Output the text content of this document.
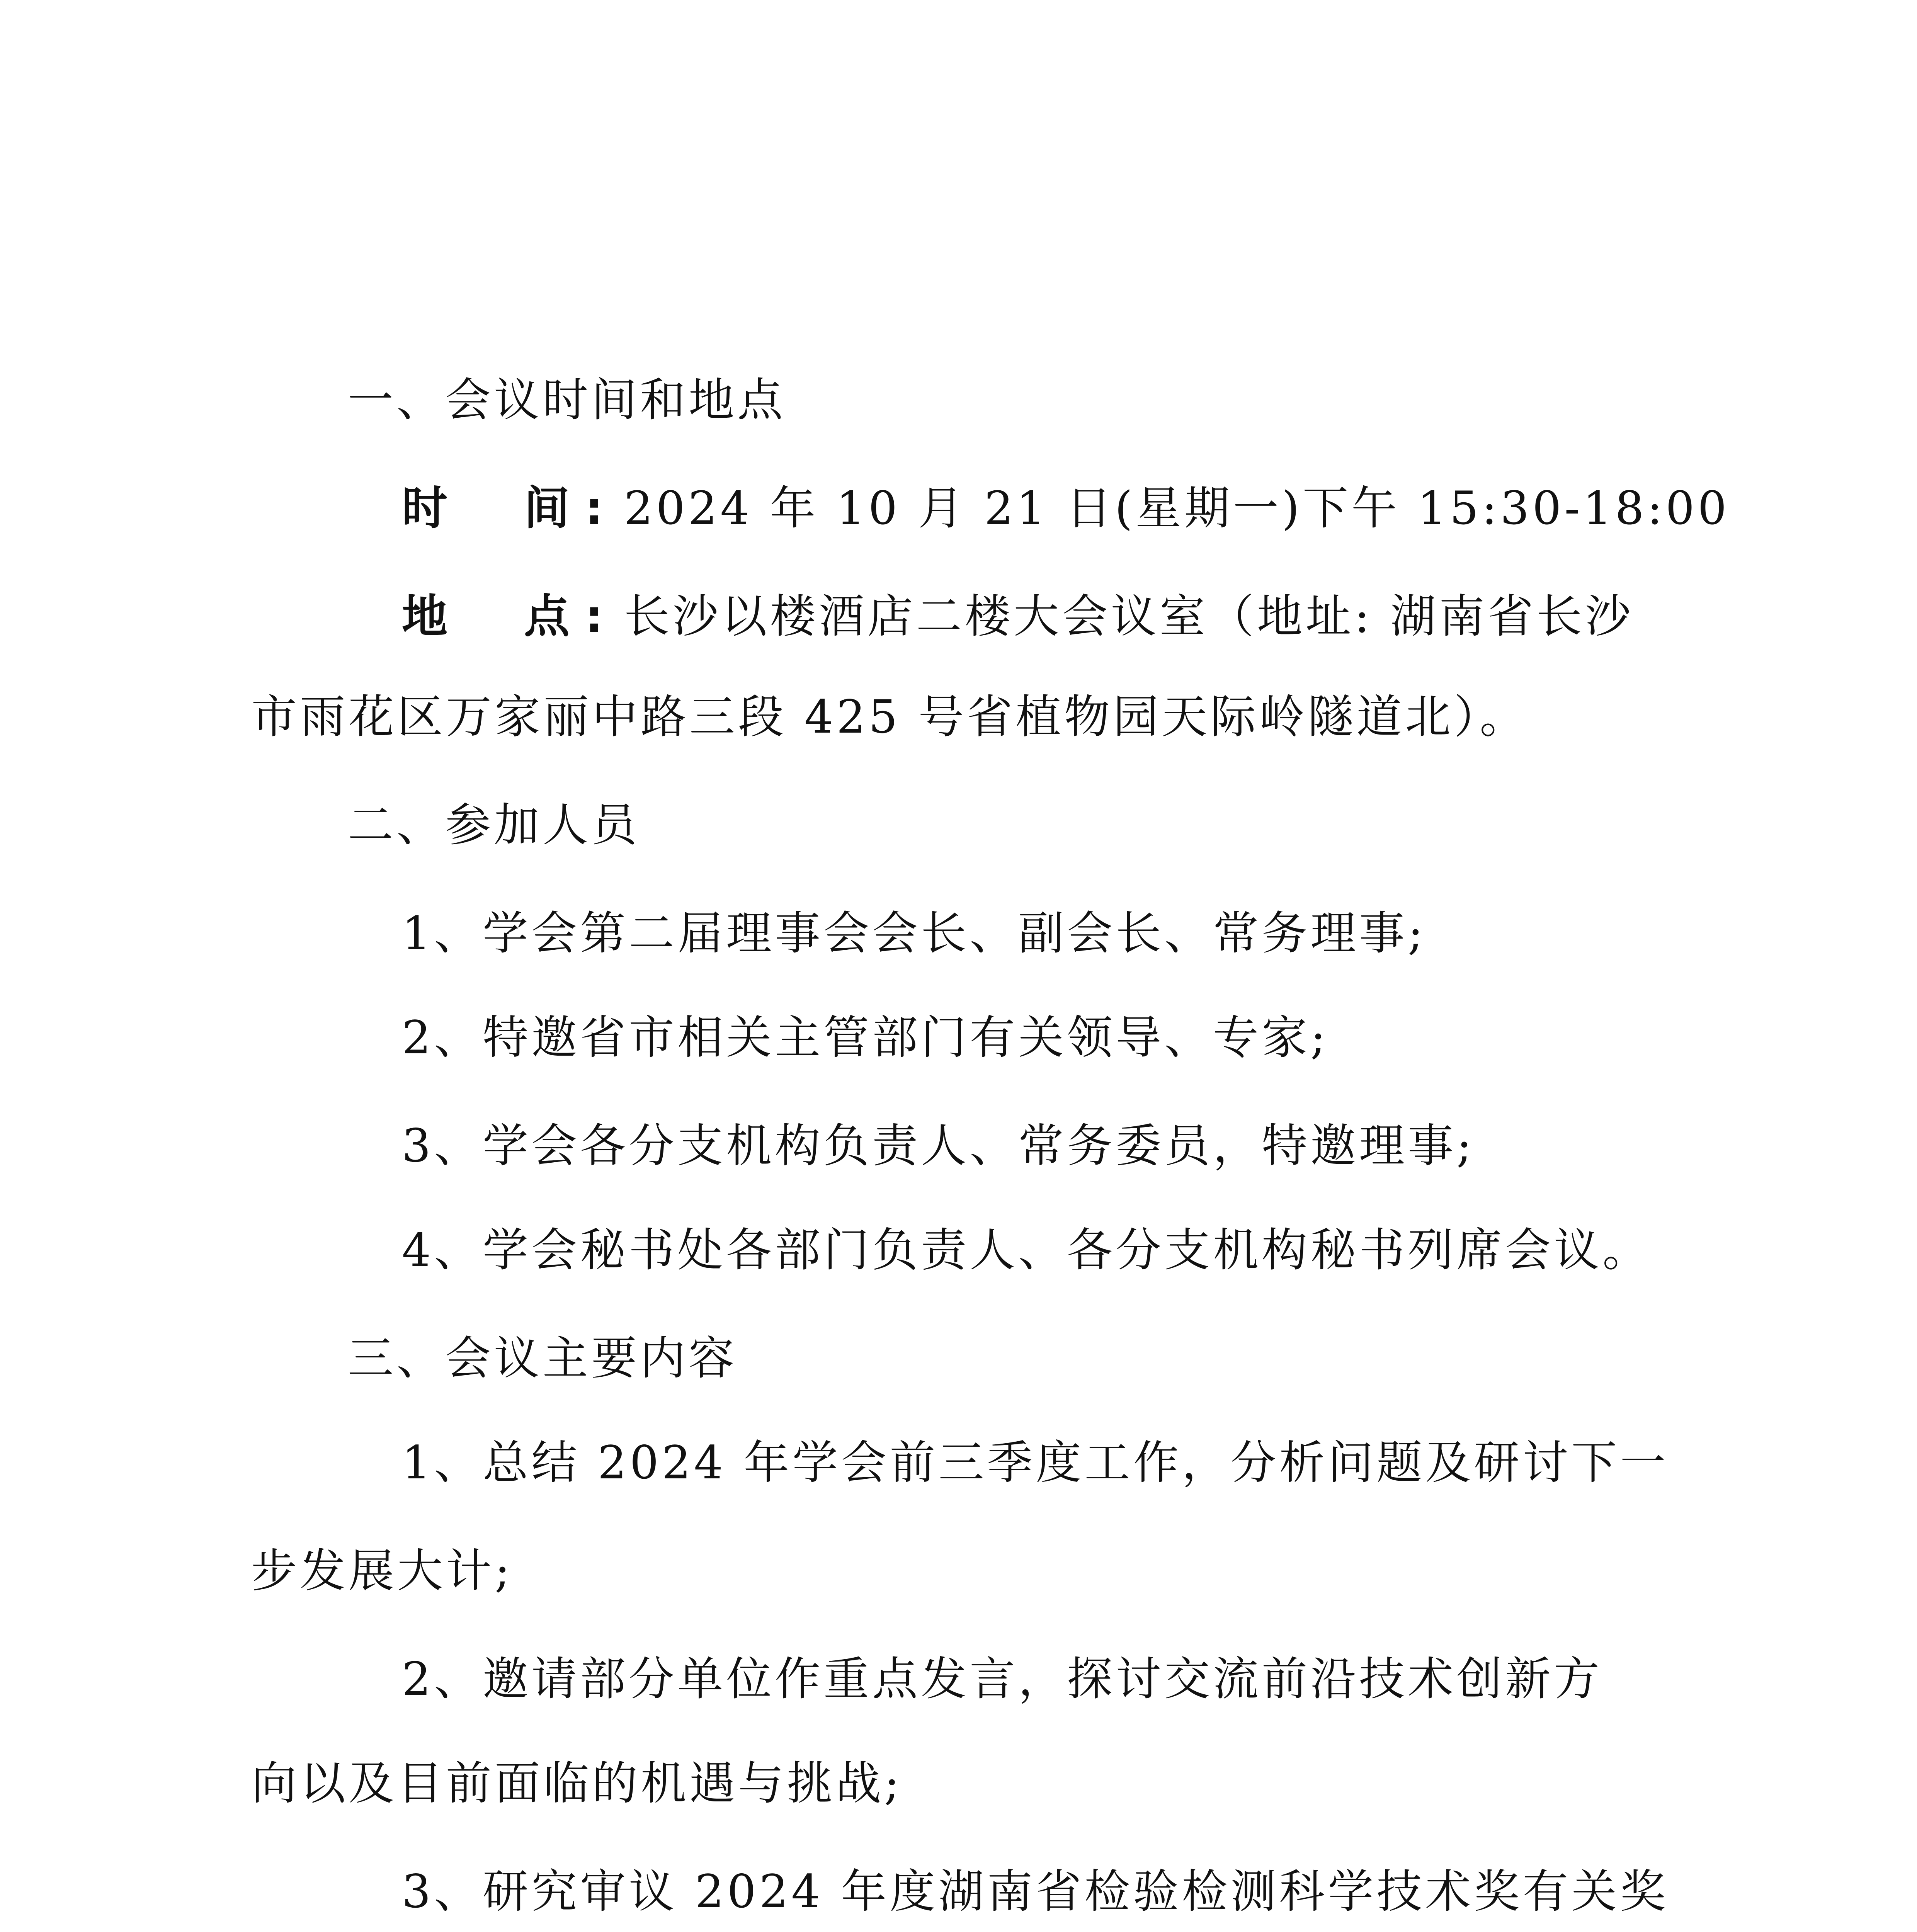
一、会议时间和地点
时　间: 2024 年 10 月 21 日(星期一)下午 15:30-18:00
地　点: 长沙以楼酒店二楼大会议室（地址: 湖南省长沙
市雨花区万家丽中路三段 425 号省植物园天际岭隧道北）。
二、参加人员
1、学会第二届理事会会长、副会长、常务理事;
2、特邀省市相关主管部门有关领导、专家;
3、学会各分支机构负责人、常务委员，特邀理事;
4、学会秘书处各部门负责人、各分支机构秘书列席会议。
三、会议主要内容
1、总结 2024 年学会前三季度工作，分析问题及研讨下一
步发展大计;
2、邀请部分单位作重点发言，探讨交流前沿技术创新方
向以及目前面临的机遇与挑战;
3、研究审议 2024 年度湖南省检验检测科学技术奖有关奖
